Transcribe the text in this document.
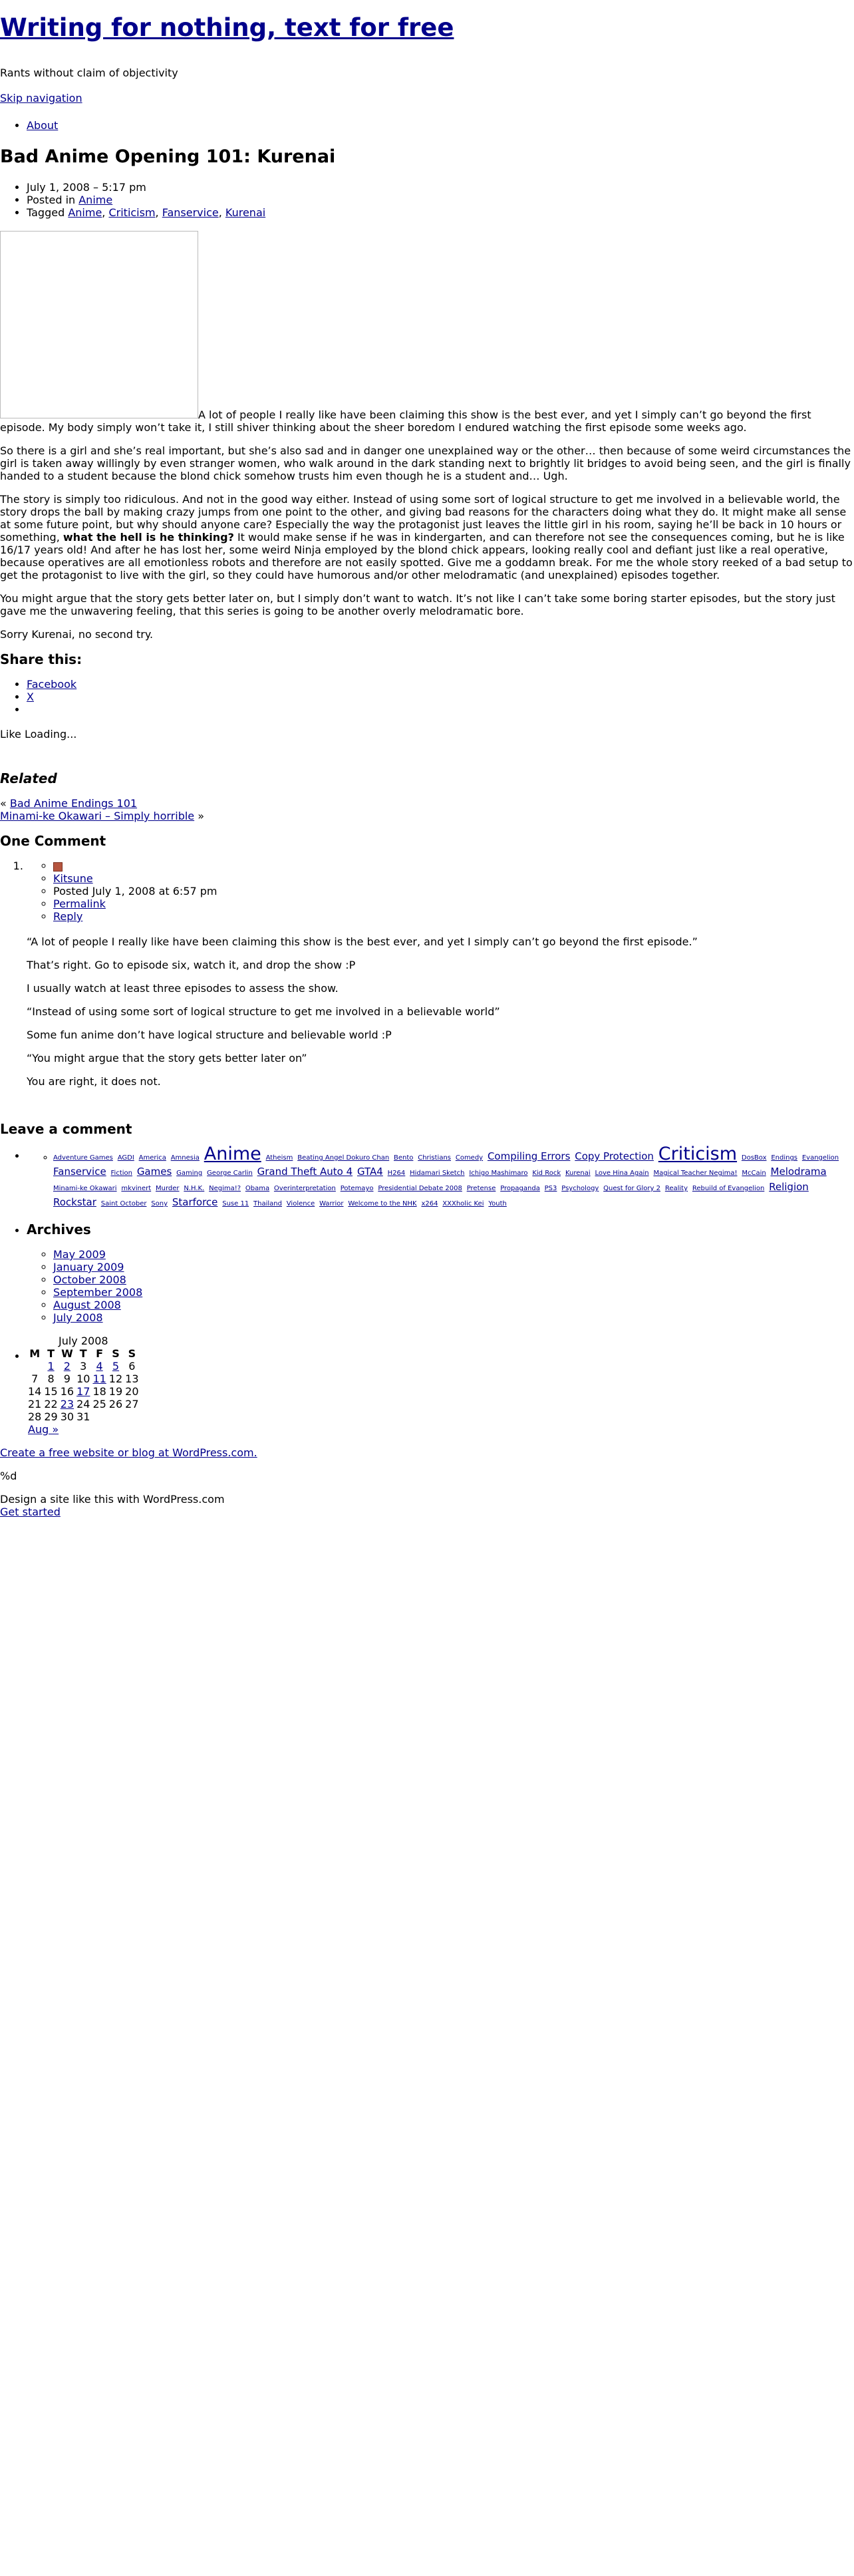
Writing for nothing, text for free
Rants without claim of objectivity
Skip navigation
• About
Bad Anime Opening 101: Kurenai
• July 1, 2008 – 5:17 pm
• Posted in Anime
• Tagged Anime, Criticism, Fanservice, Kurenai

A lot of people I really like have been claiming this show is the best ever, and yet I simply can’t go beyond the first episode. My body simply won’t take it, I still shiver thinking about the sheer boredom I endured watching the first episode some weeks ago.

So there is a girl and she’s real important, but she’s also sad and in danger one unexplained way or the other… then because of some weird circumstances the girl is taken away willingly by even stranger women, who walk around in the dark standing next to brightly lit bridges to avoid being seen, and the girl is finally handed to a student because the blond chick somehow trusts him even though he is a student and… Ugh.

The story is simply too ridiculous. And not in the good way either. Instead of using some sort of logical structure to get me involved in a believable world, the story drops the ball by making crazy jumps from one point to the other, and giving bad reasons for the characters doing what they do. It might make all sense at some future point, but why should anyone care? Especially the way the protagonist just leaves the little girl in his room, saying he’ll be back in 10 hours or something, what the hell is he thinking? It would make sense if he was in kindergarten, and can therefore not see the consequences coming, but he is like 16/17 years old! And after he has lost her, some weird Ninja employed by the blond chick appears, looking really cool and defiant just like a real operative, because operatives are all emotionless robots and therefore are not easily spotted. Give me a goddamn break. For me the whole story reeked of a bad setup to get the protagonist to live with the girl, so they could have humorous and/or other melodramatic (and unexplained) episodes together.

You might argue that the story gets better later on, but I simply don’t want to watch. It’s not like I can’t take some boring starter episodes, but the story just gave me the unwavering feeling, that this series is going to be another overly melodramatic bore.

Sorry Kurenai, no second try.

Share this:
• Facebook
• X
•
Like Loading...
Related
« Bad Anime Endings 101
Minami-ke Okawari – Simply horrible »
One Comment
◦
◦ 1. Kitsune
◦ Posted July 1, 2008 at 6:57 pm
◦ Permalink
◦ Reply

“A lot of people I really like have been claiming this show is the best ever, and yet I simply can’t go beyond the first episode.”

That’s right. Go to episode six, watch it, and drop the show :P

I usually watch at least three episodes to assess the show.

“Instead of using some sort of logical structure to get me involved in a believable world”

Some fun anime don’t have logical structure and believable world :P

“You might argue that the story gets better later on”

You are right, it does not.

Leave a comment
◦ • Adventure Games AGDI America Amnesia Anime Atheism Beating Angel Dokuro Chan Bento Christians Comedy Compiling Errors Copy Protection Criticism DosBox Endings Evangelion Fanservice Fiction Games Gaming George Carlin Grand Theft Auto 4 GTA4 H264 Hidamari Sketch Ichigo Mashimaro Kid Rock Kurenai Love Hina Again Magical Teacher Negima! McCain Melodrama Minami-ke Okawari mkvinert Murder N.H.K. Negima!? Obama Overinterpretation Potemayo Presidential Debate 2008 Pretense Propaganda PS3 Psychology Quest for Glory 2 Reality Rebuild of Evangelion Religion Rockstar Saint October Sony Starforce Suse 11 Thailand Violence Warrior Welcome to the NHK x264 XXXholic Kei Youth
• Archives
◦ May 2009
◦ January 2009
◦ October 2008
◦ September 2008
◦ August 2008
◦ July 2008
• July 2008
M	T	W	T	F	S	S
	1	2	3	4	5	6
7	8	9	10	11	12	13
14	15	16	17	18	19	20
21	22	23	24	25	26	27
28	29	30	31			
Aug »						
Create a free website or blog at WordPress.com.
%d
Design a site like this with WordPress.com
Get started
